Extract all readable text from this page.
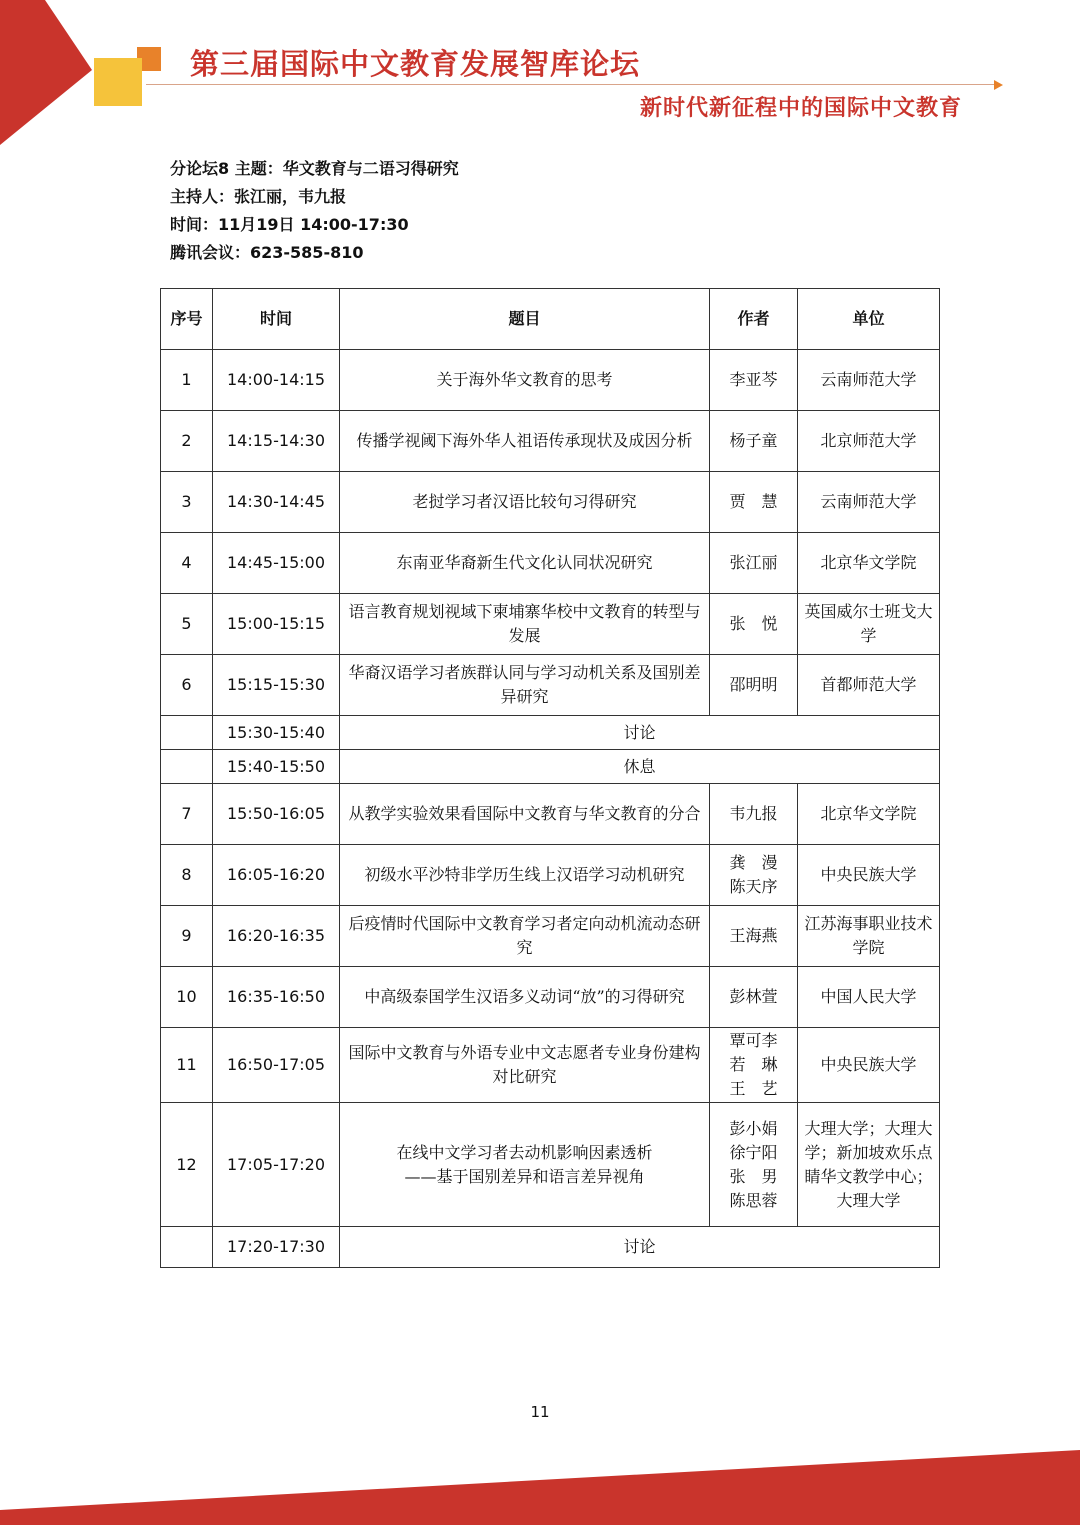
第三届国际中文教育发展智库论坛
新时代新征程中的国际中文教育
分论坛8 主题：华文教育与二语习得研究
主持人：张江丽，韦九报
时间：11月19日 14:00-17:30
腾讯会议：623-585-810
序号	时间	题目	作者	单位
1	14:00-14:15	关于海外华文教育的思考	李亚芩	云南师范大学
2	14:15-14:30	传播学视阈下海外华人祖语传承现状及成因分析	杨子童	北京师范大学
3	14:30-14:45	老挝学习者汉语比较句习得研究	贾　慧	云南师范大学
4	14:45-15:00	东南亚华裔新生代文化认同状况研究	张江丽	北京华文学院
5	15:00-15:15	语言教育规划视域下柬埔寨华校中文教育的转型与发展	张　悦	英国威尔士班戈大学
6	15:15-15:30	华裔汉语学习者族群认同与学习动机关系及国别差异研究	邵明明	首都师范大学
	15:30-15:40	讨论		
	15:40-15:50	休息		
7	15:50-16:05	从教学实验效果看国际中文教育与华文教育的分合	韦九报	北京华文学院
8	16:05-16:20	初级水平沙特非学历生线上汉语学习动机研究	龚　漫
陈天序	中央民族大学
9	16:20-16:35	后疫情时代国际中文教育学习者定向动机流动态研究	王海燕	江苏海事职业技术学院
10	16:35-16:50	中高级泰国学生汉语多义动词“放”的习得研究	彭林萱	中国人民大学
11	16:50-17:05	国际中文教育与外语专业中文志愿者专业身份建构对比研究	覃可李
若　琳
王　艺	中央民族大学
12	17:05-17:20	在线中文学习者去动机影响因素透析
——基于国别差异和语言差异视角	彭小娟
徐宁阳
张　男
陈思蓉	大理大学；大理大学；新加坡欢乐点睛华文教学中心；大理大学
	17:20-17:30	讨论		
11
